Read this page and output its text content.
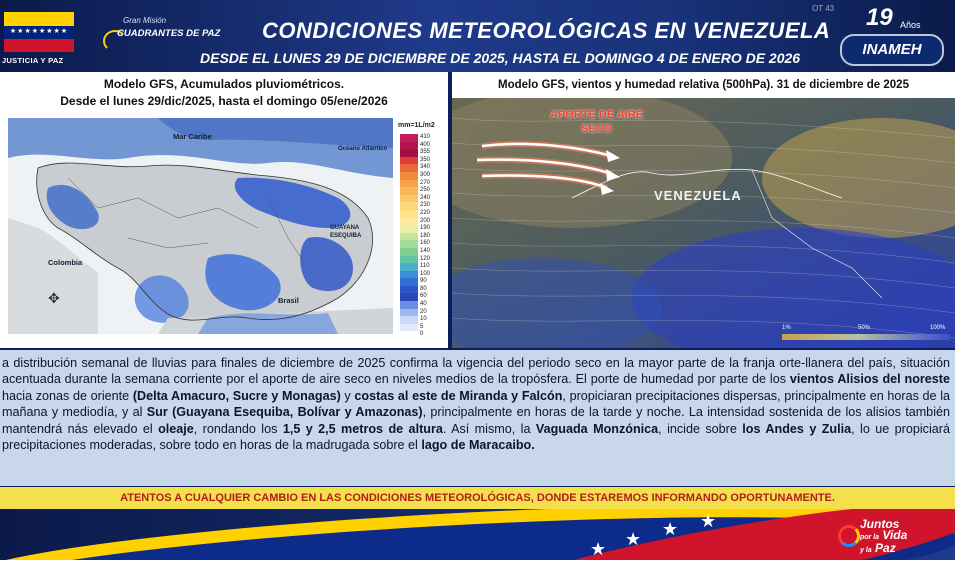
★★★★★★★★
JUSTICIA Y PAZ
Gran Misión
CUADRANTES DE PAZ CONDICIONES METEOROLÓGICAS EN VENEZUELA
DESDE EL LUNES 29 DE DICIEMBRE DE 2025, HASTA EL DOMINGO 4 DE ENERO DE 2026
OT 43 19 Años
INAMEH
Modelo GFS, Acumulados pluviométricos.
Desde el lunes 29/dic/2025, hasta el domingo 05/ene/2026
Mar Caribe
Océano Atlántico
Colombia
Brasil
GUAYANA ESEQUIBA
✥
mm=1L/m2
410
400
355
350
340
300
270
250
240
230
220
200
190
180
160
140
120
110
100
90
80
60
40
20
10
5
0
Modelo GFS, vientos y humedad relativa (500hPa). 31 de diciembre de 2025
APORTE DE AIRE
SECO
VENEZUELA
1%	50%	100%
a distribución semanal de lluvias para finales de diciembre de 2025 confirma la vigencia del periodo seco en la mayor parte de la franja orte-llanera del país, situación acentuada durante la semana corriente por el aporte de aire seco en niveles medios de la tropósfera. El porte de humedad por parte de los vientos Alisios del noreste hacia zonas de oriente (Delta Amacuro, Sucre y Monagas) y costas al este de Miranda y Falcón, propiciaran precipitaciones dispersas, principalmente en horas de la mañana y mediodía, y al Sur (Guayana Esequiba, Bolívar y Amazonas), principalmente en horas de la tarde y noche. La intensidad sostenida de los alisios también mantendrá nás elevado el oleaje, rondando los 1,5 y 2,5 metros de altura. Así mismo, la Vaguada Monzónica, incide sobre los Andes y Zulia, lo ue propiciará precipitaciones moderadas, sobre todo en horas de la madrugada sobre el lago de Maracaibo.
ATENTOS A CUALQUIER CAMBIO EN LAS CONDICIONES METEOROLÓGICAS, DONDE ESTAREMOS INFORMANDO OPORTUNAMENTE.
★ ★ ★ ★	Juntos
por la Vida
y la Paz
